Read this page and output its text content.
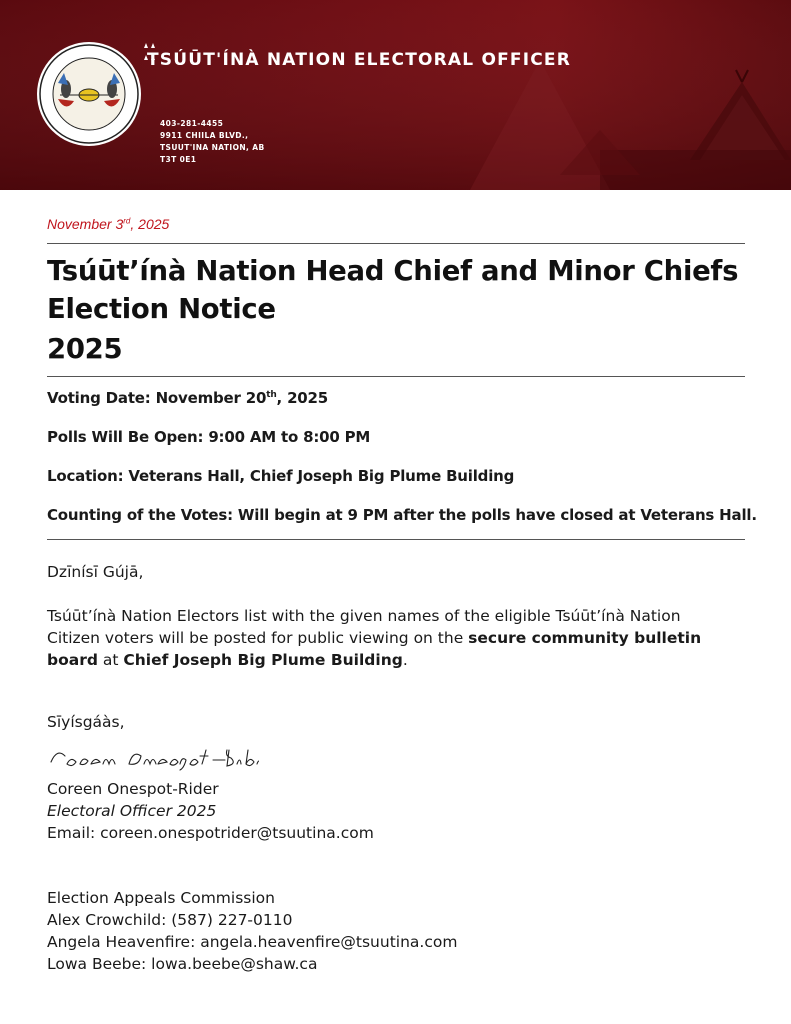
TSÚŪT'ÍNÀ NATION ELECTORAL OFFICER
403-281-4455
9911 CHIILA BLVD.,
TSUUT'INA NATION, AB
T3T 0E1
November 3rd, 2025
Tsúūt’ínà Nation Head Chief and Minor Chiefs
Election Notice
2025
Voting Date: November 20th, 2025
Polls Will Be Open: 9:00 AM to 8:00 PM
Location: Veterans Hall, Chief Joseph Big Plume Building
Counting of the Votes: Will begin at 9 PM after the polls have closed at Veterans Hall.
Dzīnísī Gújā,
Tsúūt’ínà Nation Electors list with the given names of the eligible Tsúūt’ínà Nation
Citizen voters will be posted for public viewing on the secure community bulletin
board at Chief Joseph Big Plume Building.
Sīyísgáàs,
Coreen Onespot-Rider
Electoral Officer 2025
Email: coreen.onespotrider@tsuutina.com
Election Appeals Commission
Alex Crowchild: (587) 227-0110
Angela Heavenfire: angela.heavenfire@tsuutina.com
Lowa Beebe: lowa.beebe@shaw.ca
